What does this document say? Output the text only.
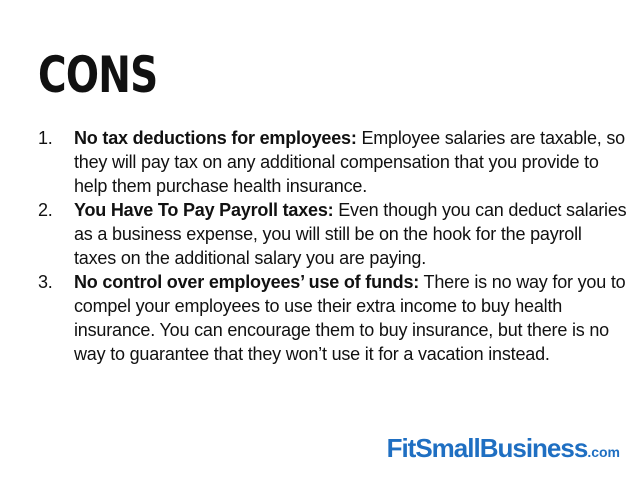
CONS
1.	No tax deductions for employees: Employee salaries are taxable, so they will pay tax on any additional compensation that you provide to help them purchase health insurance.
2.	You Have To Pay Payroll taxes: Even though you can deduct salaries as a business expense, you will still be on the hook for the payroll taxes on the additional salary you are paying.
3.	No control over employees’ use of funds: There is no way for you to compel your employees to use their extra income to buy health insurance. You can encourage them to buy insurance, but there is no way to guarantee that they won’t use it for a vacation instead.
FitSmallBusiness.com
